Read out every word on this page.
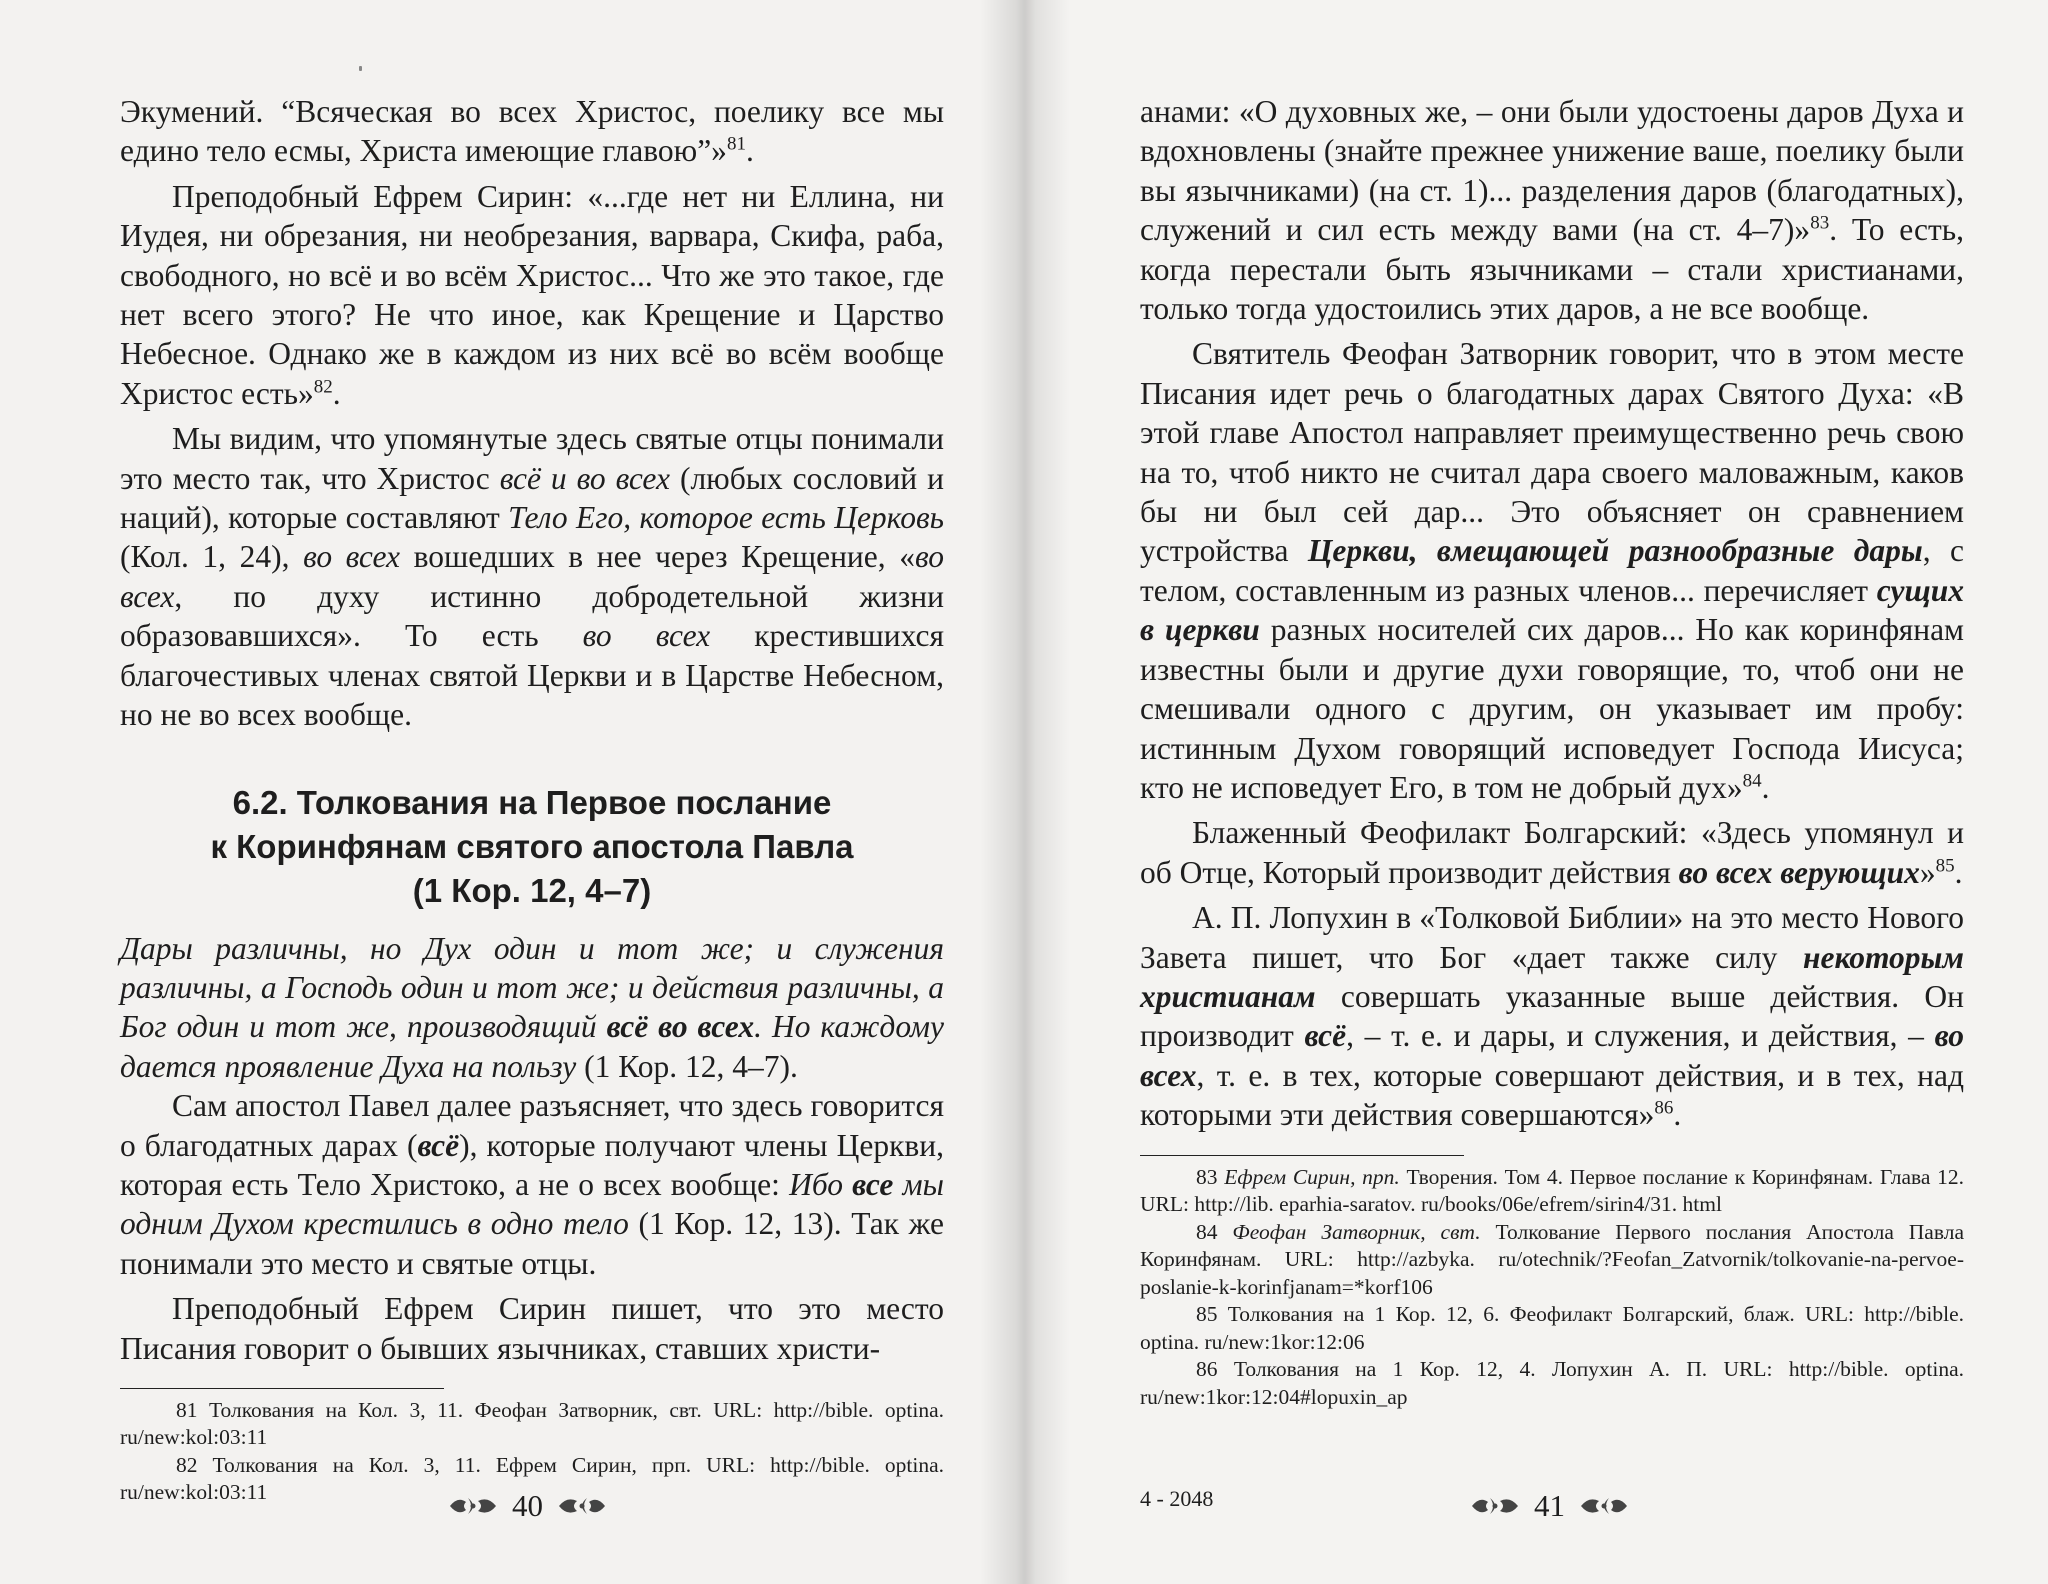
Экумений. “Всяческая во всех Христос, поелику все мы едино тело есмы, Христа имеющие главою”»$^{81}$.

Преподобный Ефрем Сирин: «...где нет ни Еллина, ни Иудея, ни обрезания, ни необрезания, варвара, Скифа, раба, свободного, но всё и во всём Христос... Что же это такое, где нет всего этого? Не что иное, как Крещение и Царство Небесное. Однако же в каждом из них всё во всём вообще Христос есть»$^{82}$.

Мы видим, что упомянутые здесь святые отцы понимали это место так, что Христос всё и во всех (любых сословий и наций), которые составляют Тело Его, которое есть Церковь (Кол. 1, 24), во всех вошедших в нее через Крещение, «во всех, по духу истинно добродетельной жизни образовавшихся». То есть во всех крестившихся благочестивых членах святой Церкви и в Царстве Небесном, но не во всех вообще.

6.2. Толкования на Первое послание
к Коринфянам святого апостола Павла
(1 Кор. 12, 4–7)

Дары различны, но Дух один и тот же; и служения различны, а Господь один и тот же; и действия различны, а Бог один и тот же, производящий всё во всех. Но каждому дается проявление Духа на пользу (1 Кор. 12, 4–7).

Сам апостол Павел далее разъясняет, что здесь говорится о благодатных дарах (всё), которые получают члены Церкви, которая есть Тело Христоко, а не о всех вообще: Ибо все мы одним Духом крестились в одно тело (1 Кор. 12, 13). Так же понимали это место и святые отцы.

Преподобный Ефрем Сирин пишет, что это место Писания говорит о бывших язычниках, ставших христи-

81 Толкования на Кол. 3, 11. Феофан Затворник, свт. URL: http://bible. optina. ru/new:kol:03:11

82 Толкования на Кол. 3, 11. Ефрем Сирин, прп. URL: http://bible. optina. ru/new:kol:03:11

анами: «О духовных же, – они были удостоены даров Духа и вдохновлены (знайте прежнее унижение ваше, поелику были вы язычниками) (на ст. 1)... разделения даров (благодатных), служений и сил есть между вами (на ст. 4–7)»$^{83}$. То есть, когда перестали быть язычниками – стали христианами, только тогда удостоились этих даров, а не все вообще.

Святитель Феофан Затворник говорит, что в этом месте Писания идет речь о благодатных дарах Святого Духа: «В этой главе Апостол направляет преимущественно речь свою на то, чтоб никто не считал дара своего маловажным, каков бы ни был сей дар... Это объясняет он сравнением устройства Церкви, вмещающей разнообразные дары, с телом, составленным из разных членов... перечисляет сущих в церкви разных носителей сих даров... Но как коринфянам известны были и другие духи говорящие, то, чтоб они не смешивали одного с другим, он указывает им пробу: истинным Духом говорящий исповедует Господа Иисуса; кто не исповедует Его, в том не добрый дух»$^{84}$.

Блаженный Феофилакт Болгарский: «Здесь упомянул и об Отце, Который производит действия во всех верующих»$^{85}$.

А. П. Лопухин в «Толковой Библии» на это место Нового Завета пишет, что Бог «дает также силу некоторым христианам совершать указанные выше действия. Он производит всё, – т. е. и дары, и служения, и действия, – во всех, т. е. в тех, которые совершают действия, и в тех, над которыми эти действия совершаются»$^{86}$.

83 Ефрем Сирин, прп. Творения. Том 4. Первое послание к Коринфянам. Глава 12. URL: http://lib. eparhia-saratov. ru/books/06e/efrem/sirin4/31. html

84 Феофан Затворник, свт. Толкование Первого послания Апостола Павла Коринфянам. URL: http://azbyka. ru/otechnik/?Feofan_Zatvornik/tolkovanie-na-pervoe-poslanie-k-korinfjanam=*korf106

85 Толкования на 1 Кор. 12, 6. Феофилакт Болгарский, блаж. URL: http://bible. optina. ru/new:1kor:12:06

86 Толкования на 1 Кор. 12, 4. Лопухин А. П. URL: http://bible. optina. ru/new:1kor:12:04#lopuxin_ap

40	4 - 2048	41
